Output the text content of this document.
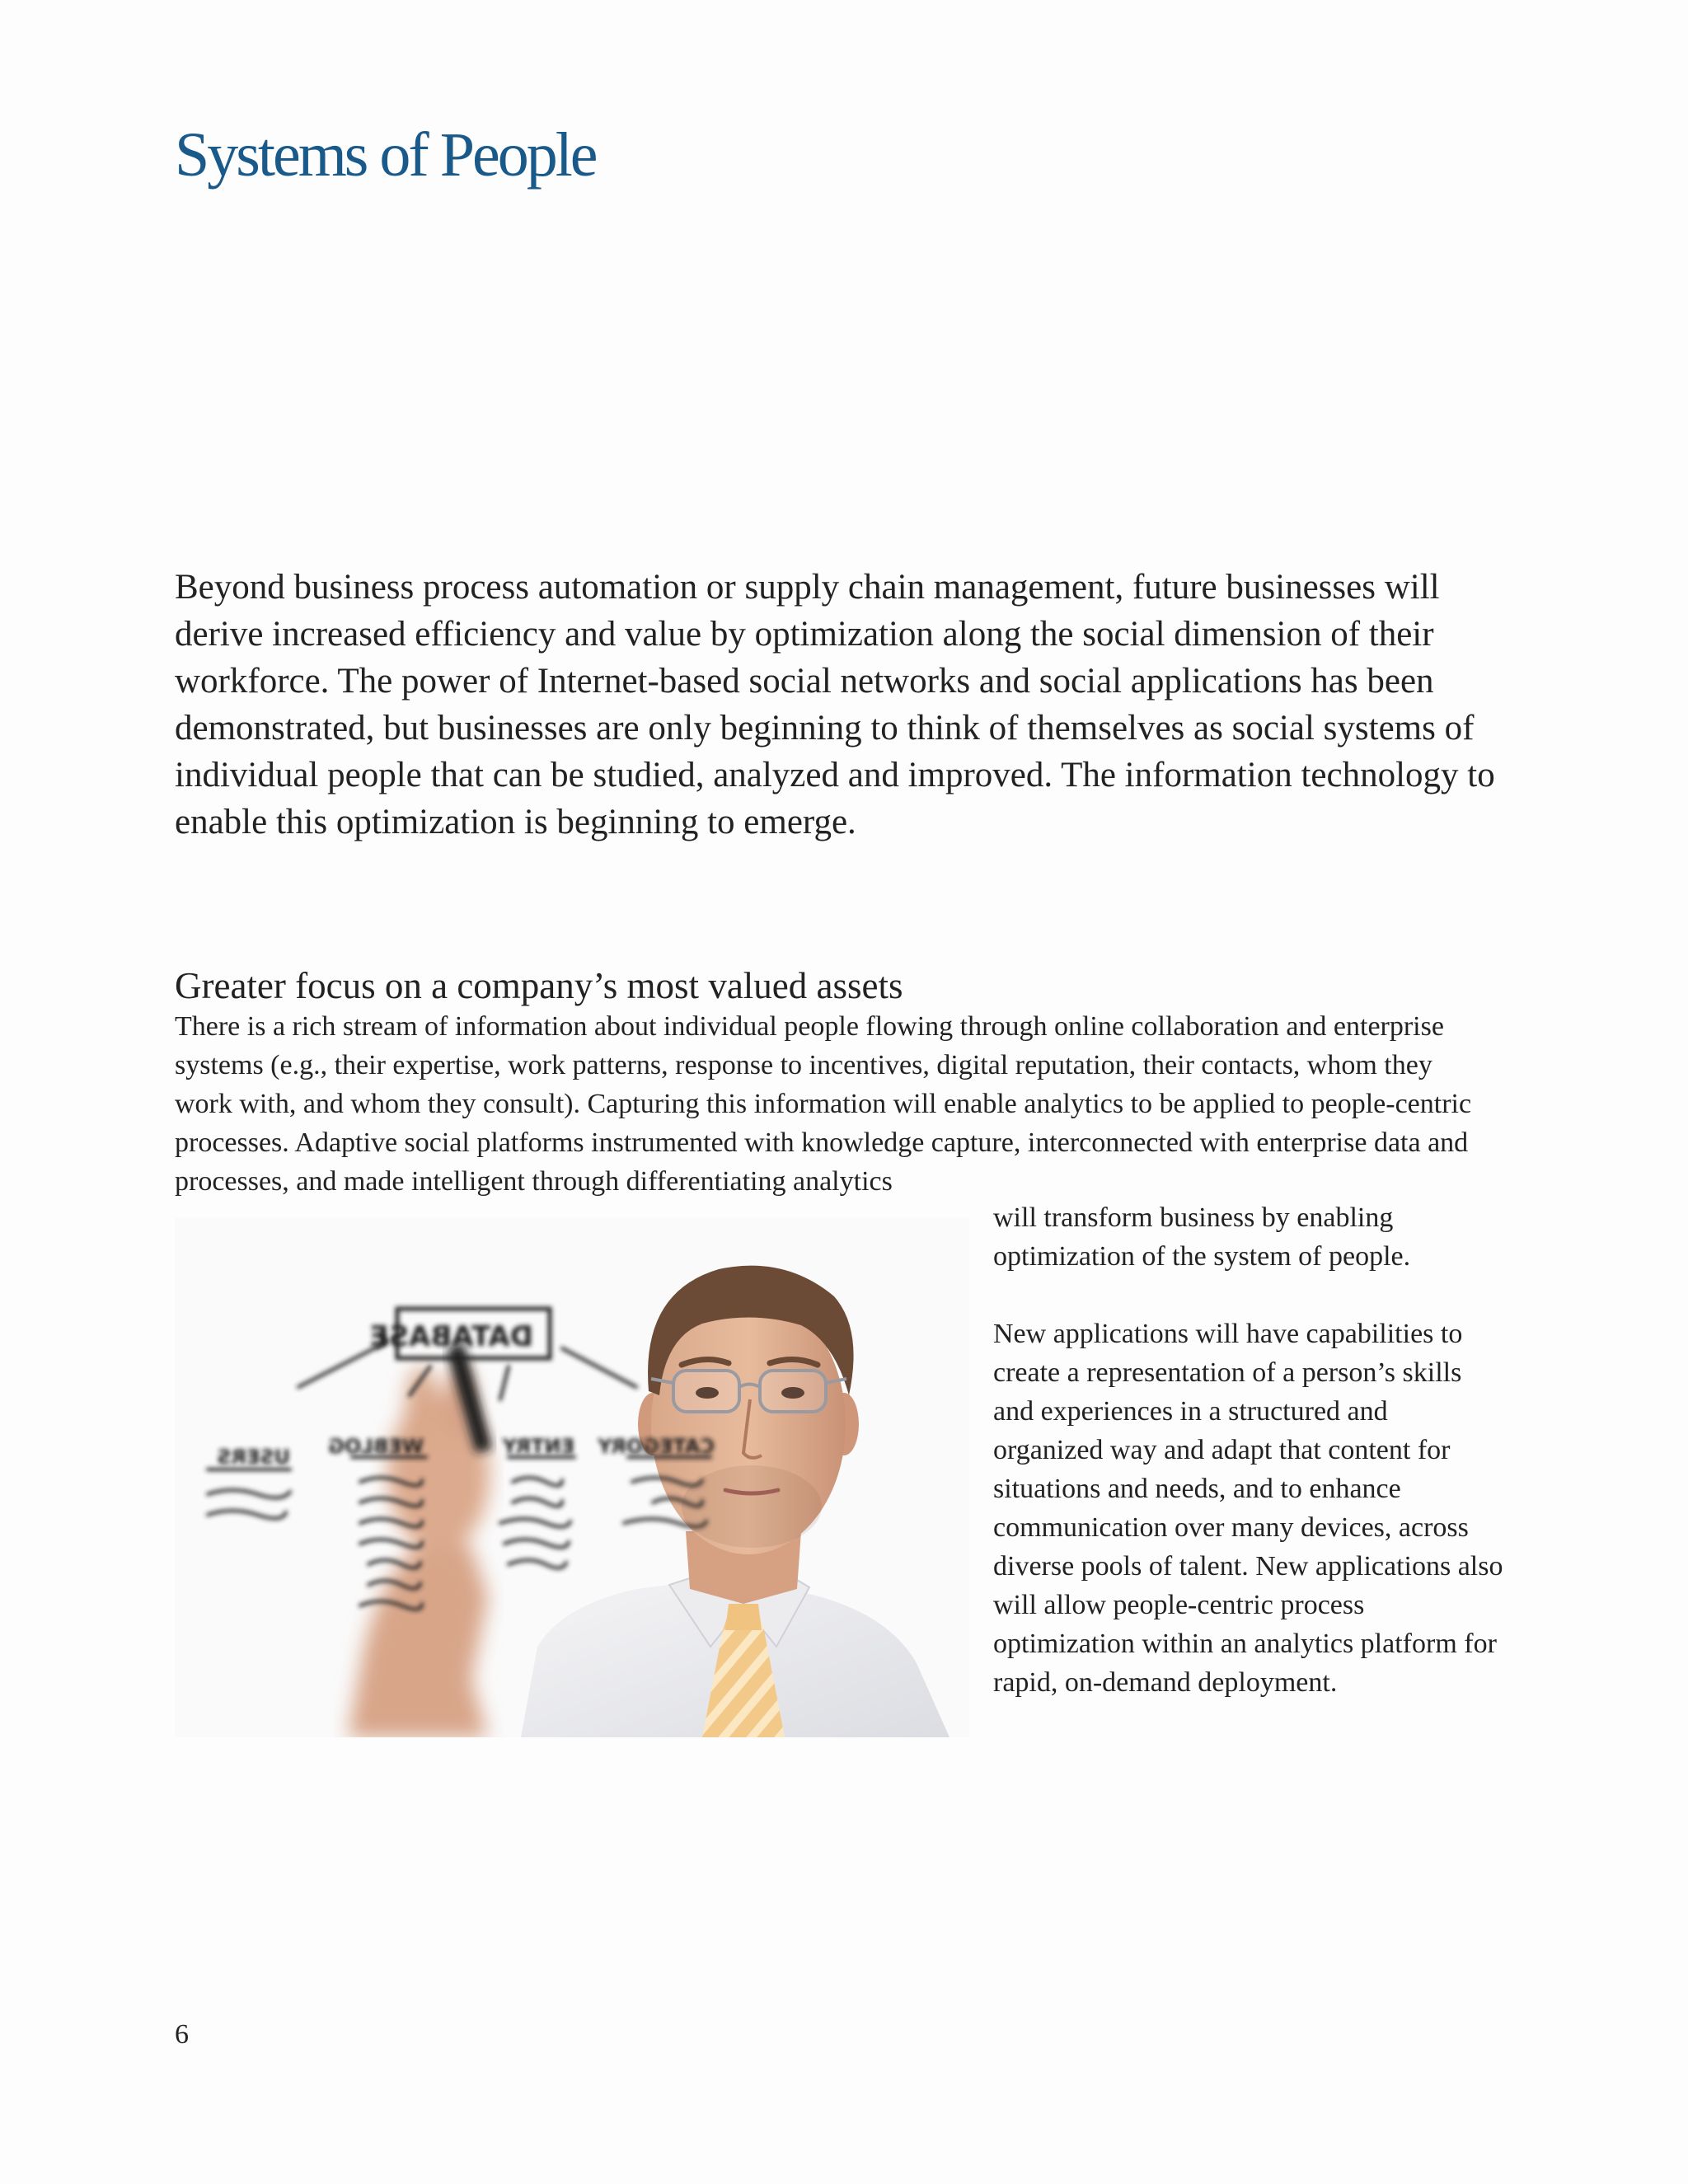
Systems of People

Beyond business process automation or supply chain management, future businesses will derive increased efficiency and value by optimization along the social dimension of their workforce. The power of Internet-based social networks and social applications has been demonstrated, but businesses are only beginning to think of themselves as social systems of individual people that can be studied, analyzed and improved. The information technology to enable this optimization is beginning to emerge.

Greater focus on a company’s most valued assets

There is a rich stream of information about individual people flowing through online collaboration and enterprise systems (e.g., their expertise, work patterns, response to incentives, digital reputation, their contacts, whom they work with, and whom they consult). Capturing this information will enable analytics to be applied to people-centric processes. Adaptive social platforms instrumented with knowledge capture, interconnected with enterprise data and processes, and made intelligent through differentiating analytics

DATABASE
USERS WEBLOG	ENTRY CATEGORY

will transform business by enabling optimization of the system of people.

New applications will have capabilities to create a representation of a person’s skills and experiences in a structured and organized way and adapt that content for situations and needs, and to enhance communication over many devices, across diverse pools of talent. New applications also will allow people-centric process optimization within an analytics platform for rapid, on-demand deployment.

6
